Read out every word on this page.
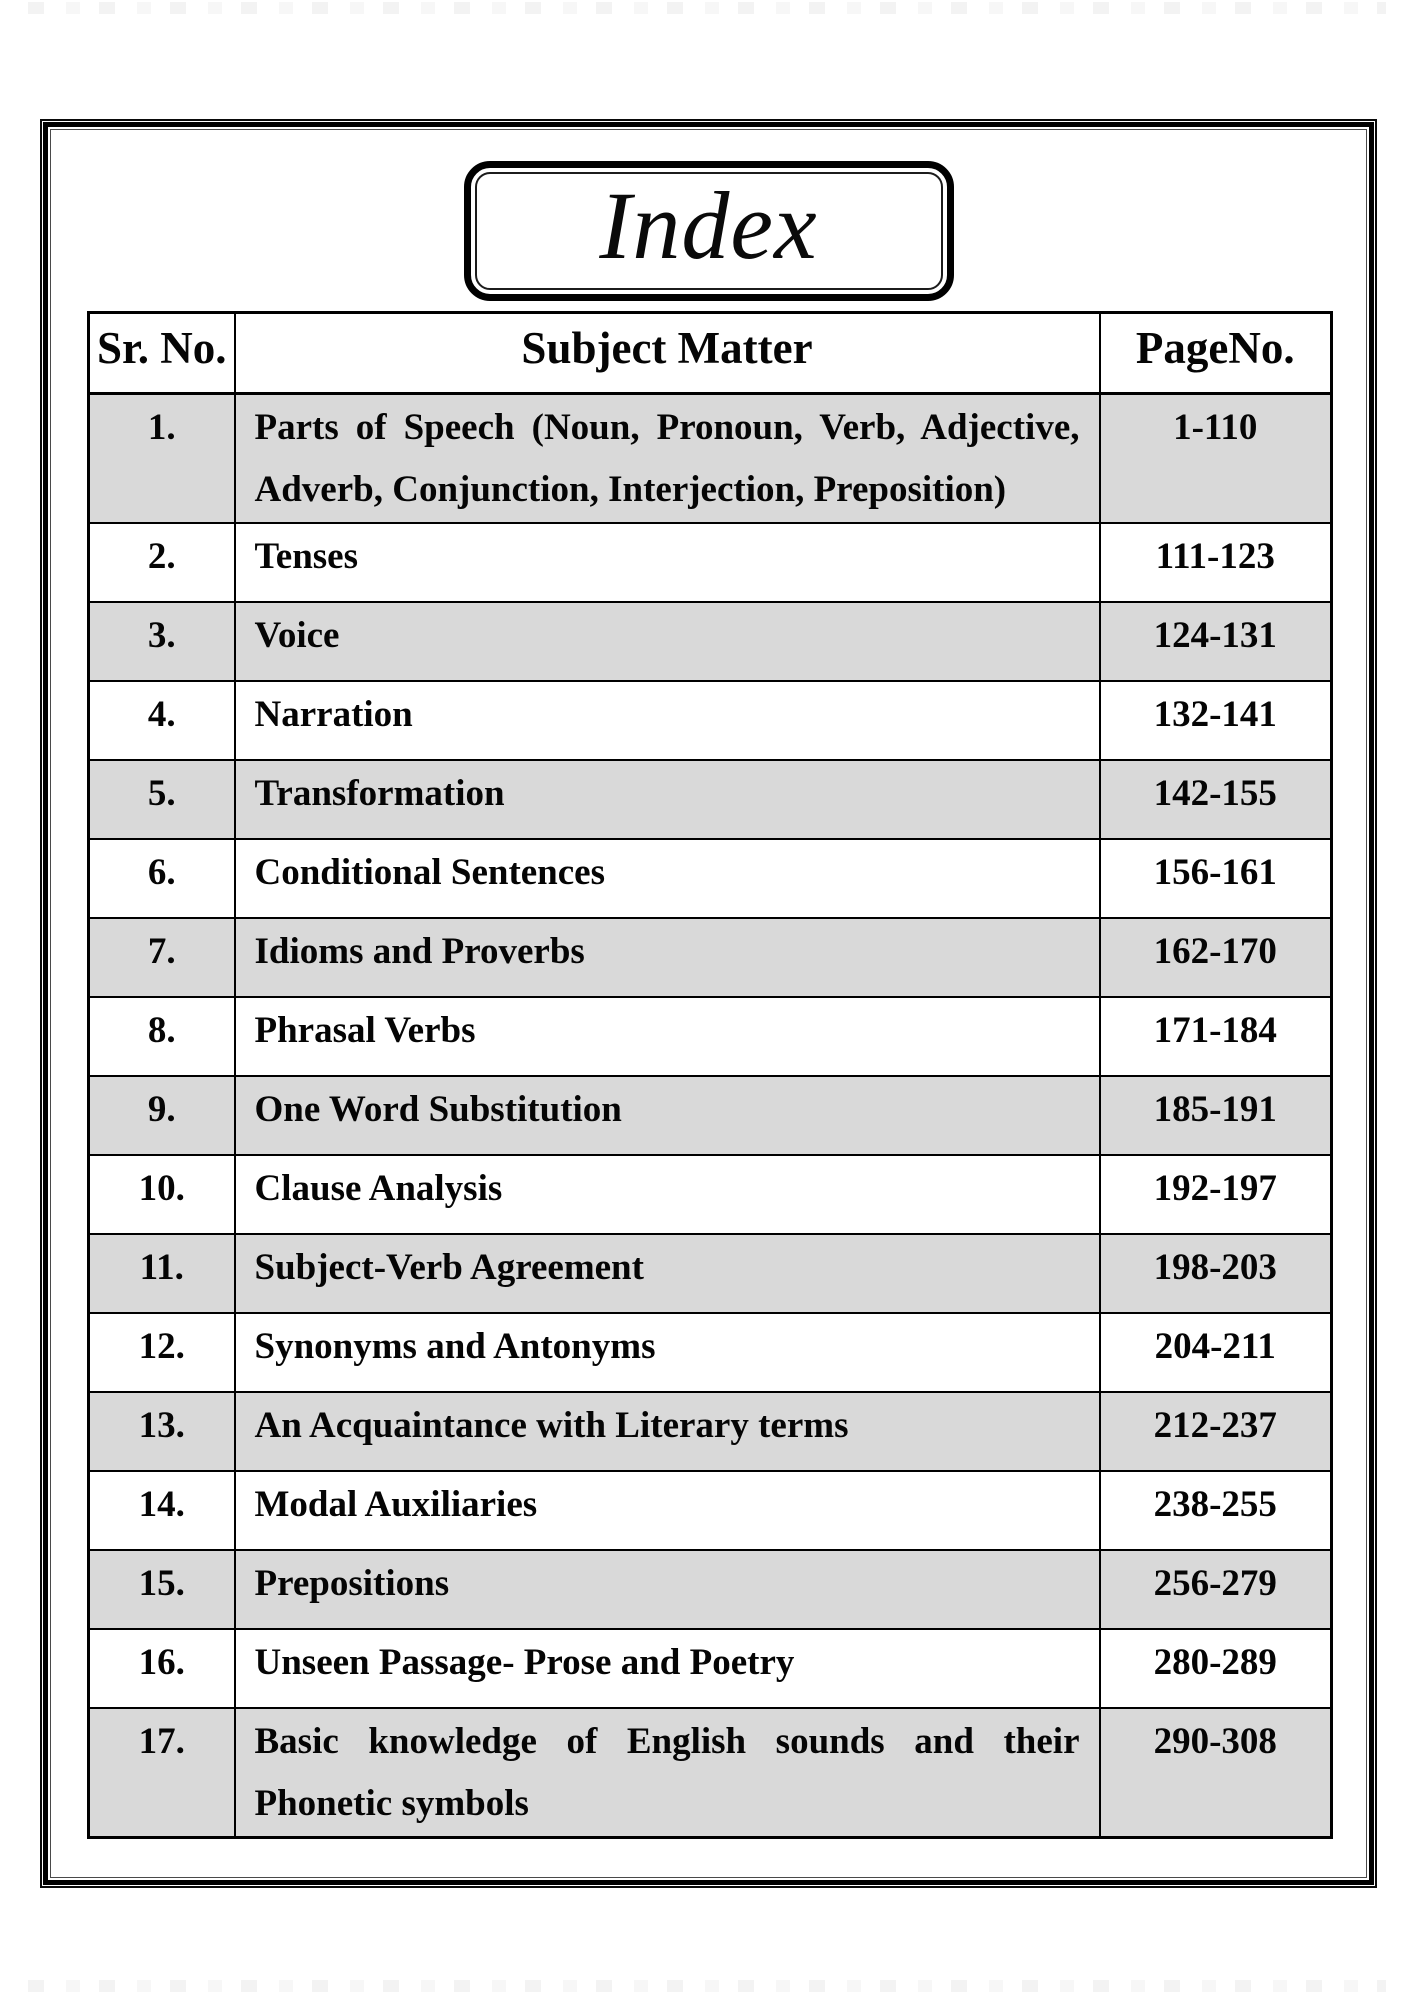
Index
Sr. No.	Subject Matter	PageNo.
1.	Parts of Speech (Noun, Pronoun, Verb, Adjective, Adverb, Conjunction, Interjection, Preposition)	1-110
2.	Tenses	111-123
3.	Voice	124-131
4.	Narration	132-141
5.	Transformation	142-155
6.	Conditional Sentences	156-161
7.	Idioms and Proverbs	162-170
8.	Phrasal Verbs	171-184
9.	One Word Substitution	185-191
10.	Clause Analysis	192-197
11.	Subject-Verb Agreement	198-203
12.	Synonyms and Antonyms	204-211
13.	An Acquaintance with Literary terms	212-237
14.	Modal Auxiliaries	238-255
15.	Prepositions	256-279
16.	Unseen Passage- Prose and Poetry	280-289
17.	Basic knowledge of English sounds and their Phonetic symbols	290-308
